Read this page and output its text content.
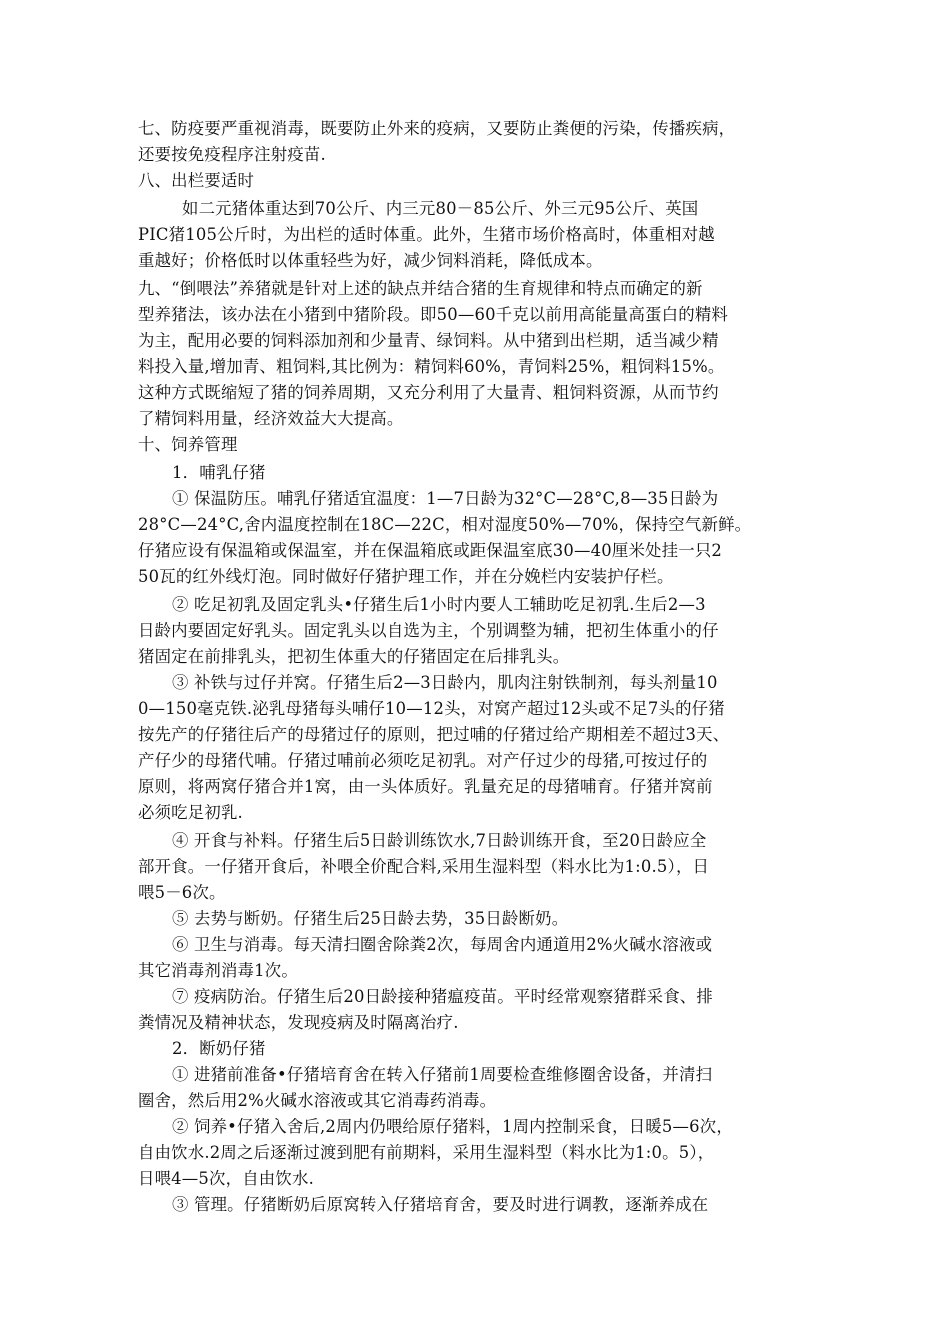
七、防疫要严重视消毒，既要防止外来的疫病，又要防止粪便的污染，传播疾病，
还要按免疫程序注射疫苗.
八、出栏要适时
如二元猪体重达到70公斤、内三元80－85公斤、外三元95公斤、英国
PIC猪105公斤时，为出栏的适时体重。此外，生猪市场价格高时，体重相对越
重越好；价格低时以体重轻些为好，减少饲料消耗，降低成本。
九、“倒喂法”养猪就是针对上述的缺点并结合猪的生育规律和特点而确定的新
型养猪法，该办法在小猪到中猪阶段。即50—60千克以前用高能量高蛋白的精料
为主，配用必要的饲料添加剂和少量青、绿饲料。从中猪到出栏期，适当减少精
料投入量,增加青、粗饲料,其比例为：精饲料60%，青饲料25%，粗饲料15%。
这种方式既缩短了猪的饲养周期，又充分利用了大量青、粗饲料资源，从而节约
了精饲料用量，经济效益大大提高。
十、饲养管理
1．哺乳仔猪
① 保温防压。哺乳仔猪适宜温度：1—7日龄为32°C—28°C,8—35日龄为
28°C—24°C,舍内温度控制在18C—22C，相对湿度50%—70%，保持空气新鲜。
仔猪应设有保温箱或保温室，并在保温箱底或距保温室底30—40厘米处挂一只2
50瓦的红外线灯泡。同时做好仔猪护理工作，并在分娩栏内安装护仔栏。
② 吃足初乳及固定乳头•仔猪生后1小时内要人工辅助吃足初乳.生后2—3
日龄内要固定好乳头。固定乳头以自选为主，个别调整为辅，把初生体重小的仔
猪固定在前排乳头，把初生体重大的仔猪固定在后排乳头。
③ 补铁与过仔并窝。仔猪生后2—3日龄内，肌肉注射铁制剂，每头剂量10
0—150毫克铁.泌乳母猪每头哺仔10—12头，对窝产超过12头或不足7头的仔猪
按先产的仔猪往后产的母猪过仔的原则，把过哺的仔猪过给产期相差不超过3天、
产仔少的母猪代哺。仔猪过哺前必须吃足初乳。对产仔过少的母猪,可按过仔的
原则，将两窝仔猪合并1窝，由一头体质好。乳量充足的母猪哺育。仔猪并窝前
必须吃足初乳.
④ 开食与补料。仔猪生后5日龄训练饮水,7日龄训练开食，至20日龄应全
部开食。一仔猪开食后，补喂全价配合料,采用生湿料型（料水比为1:0.5），日
喂5－6次。
⑤ 去势与断奶。仔猪生后25日龄去势，35日龄断奶。
⑥ 卫生与消毒。每天清扫圈舍除粪2次，每周舍内通道用2%火碱水溶液或
其它消毒剂消毒1次。
⑦ 疫病防治。仔猪生后20日龄接种猪瘟疫苗。平时经常观察猪群采食、排
粪情况及精神状态，发现疫病及时隔离治疗.
2．断奶仔猪
① 进猪前准备•仔猪培育舍在转入仔猪前1周要检查维修圈舍设备，并清扫
圈舍，然后用2%火碱水溶液或其它消毒药消毒。
② 饲养•仔猪入舍后,2周内仍喂给原仔猪料，1周内控制采食，日暖5—6次，
自由饮水.2周之后逐渐过渡到肥有前期料，采用生湿料型（料水比为1:0。5），
日喂4—5次，自由饮水.
③ 管理。仔猪断奶后原窝转入仔猪培育舍，要及时进行调教，逐渐养成在
